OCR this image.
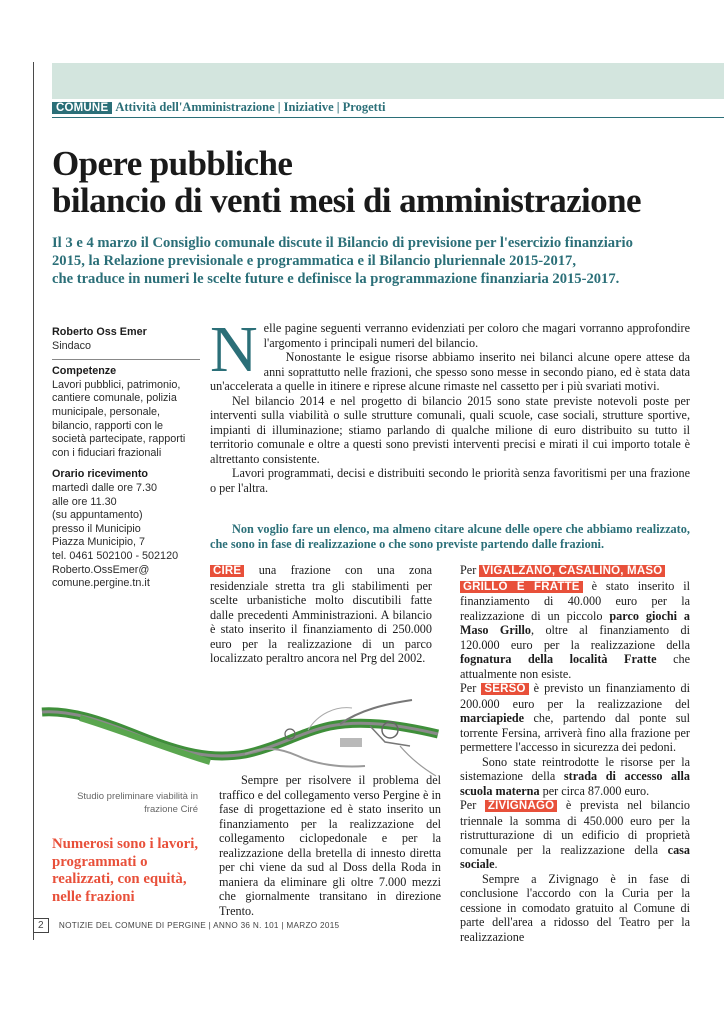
COMUNE Attività dell'Amministrazione | Iniziative | Progetti
Opere pubbliche
bilancio di venti mesi di amministrazione
Il 3 e 4 marzo il Consiglio comunale discute il Bilancio di previsione per l'esercizio finanziario
2015, la Relazione previsionale e programmatica e il Bilancio pluriennale 2015-2017,
che traduce in numeri le scelte future e definisce la programmazione finanziaria 2015-2017.
Roberto Oss Emer
Sindaco
Competenze
Lavori pubblici, patrimonio,
cantiere comunale, polizia
municipale, personale,
bilancio, rapporti con le
società partecipate, rapporti
con i fiduciari frazionali
Orario ricevimento
martedì dalle ore 7.30
alle ore 11.30
(su appuntamento)
presso il Municipio
Piazza Municipio, 7
tel. 0461 502100 - 502120
Roberto.OssEmer@
comune.pergine.tn.it
N elle pagine seguenti verranno evidenziati per coloro che magari vorranno approfondire l'argomento i principali numeri del bilancio.

Nonostante le esigue risorse abbiamo inserito nei bilanci alcune opere attese da anni soprattutto nelle frazioni, che spesso sono messe in secondo piano, ed è stata data un'accelerata a quelle in itinere e riprese alcune rimaste nel cassetto per i più svariati motivi.

Nel bilancio 2014 e nel progetto di bilancio 2015 sono state previste notevoli poste per interventi sulla viabilità o sulle strutture comunali, quali scuole, case sociali, strutture sportive, impianti di illuminazione; stiamo parlando di qualche milione di euro distribuito su tutto il territorio comunale e oltre a questi sono previsti interventi precisi e mirati il cui importo totale è altrettanto consistente.

Lavori programmati, decisi e distribuiti secondo le priorità senza favoritismi per una frazione o per l'altra.

Non voglio fare un elenco, ma almeno citare alcune delle opere che abbiamo realizzato, che sono in fase di realizzazione o che sono previste partendo dalle frazioni.

CIRÉ una frazione con una zona residenziale stretta tra gli stabilimenti per scelte urbanistiche molto discutibili fatte dalle precedenti Amministrazioni. A bilancio è stato inserito il finanziamento di 250.000 euro per la realizzazione di un parco localizzato peraltro ancora nel Prg del 2002.

Studio preliminare viabilità in frazione Ciré
Numerosi sono i lavori, programmati o realizzati, con equità, nelle frazioni

Sempre per risolvere il problema del traffico e del collegamento verso Pergine è in fase di progettazione ed è stato inserito un finanziamento per la realizzazione del collegamento ciclopedonale e per la realizzazione della bretella di innesto diretta per chi viene da sud al Doss della Roda in maniera da eliminare gli oltre 7.000 mezzi che giornalmente transitano in direzione Trento.

Per VIGALZANO, CASALINO, MASO
GRILLO E FRATTE è stato inserito il finanziamento di 40.000 euro per la realizzazione di un piccolo parco giochi a Maso Grillo, oltre al finanziamento di 120.000 euro per la realizzazione della fognatura della località Fratte che attualmente non esiste.

Per SERSO è previsto un finanziamento di 200.000 euro per la realizzazione del marciapiede che, partendo dal ponte sul torrente Fersina, arriverà fino alla frazione per permettere l'accesso in sicurezza dei pedoni.

Sono state reintrodotte le risorse per la sistemazione della strada di accesso alla scuola materna per circa 87.000 euro.

Per ZIVIGNAGO è prevista nel bilancio triennale la somma di 450.000 euro per la ristrutturazione di un edificio di proprietà comunale per la realizzazione della casa sociale.

Sempre a Zivignago è in fase di conclusione l'accordo con la Curia per la cessione in comodato gratuito al Comune di parte dell'area a ridosso del Teatro per la realizzazione

2 NOTIZIE DEL COMUNE DI PERGINE | ANNO 36 N. 101 | MARZO 2015
